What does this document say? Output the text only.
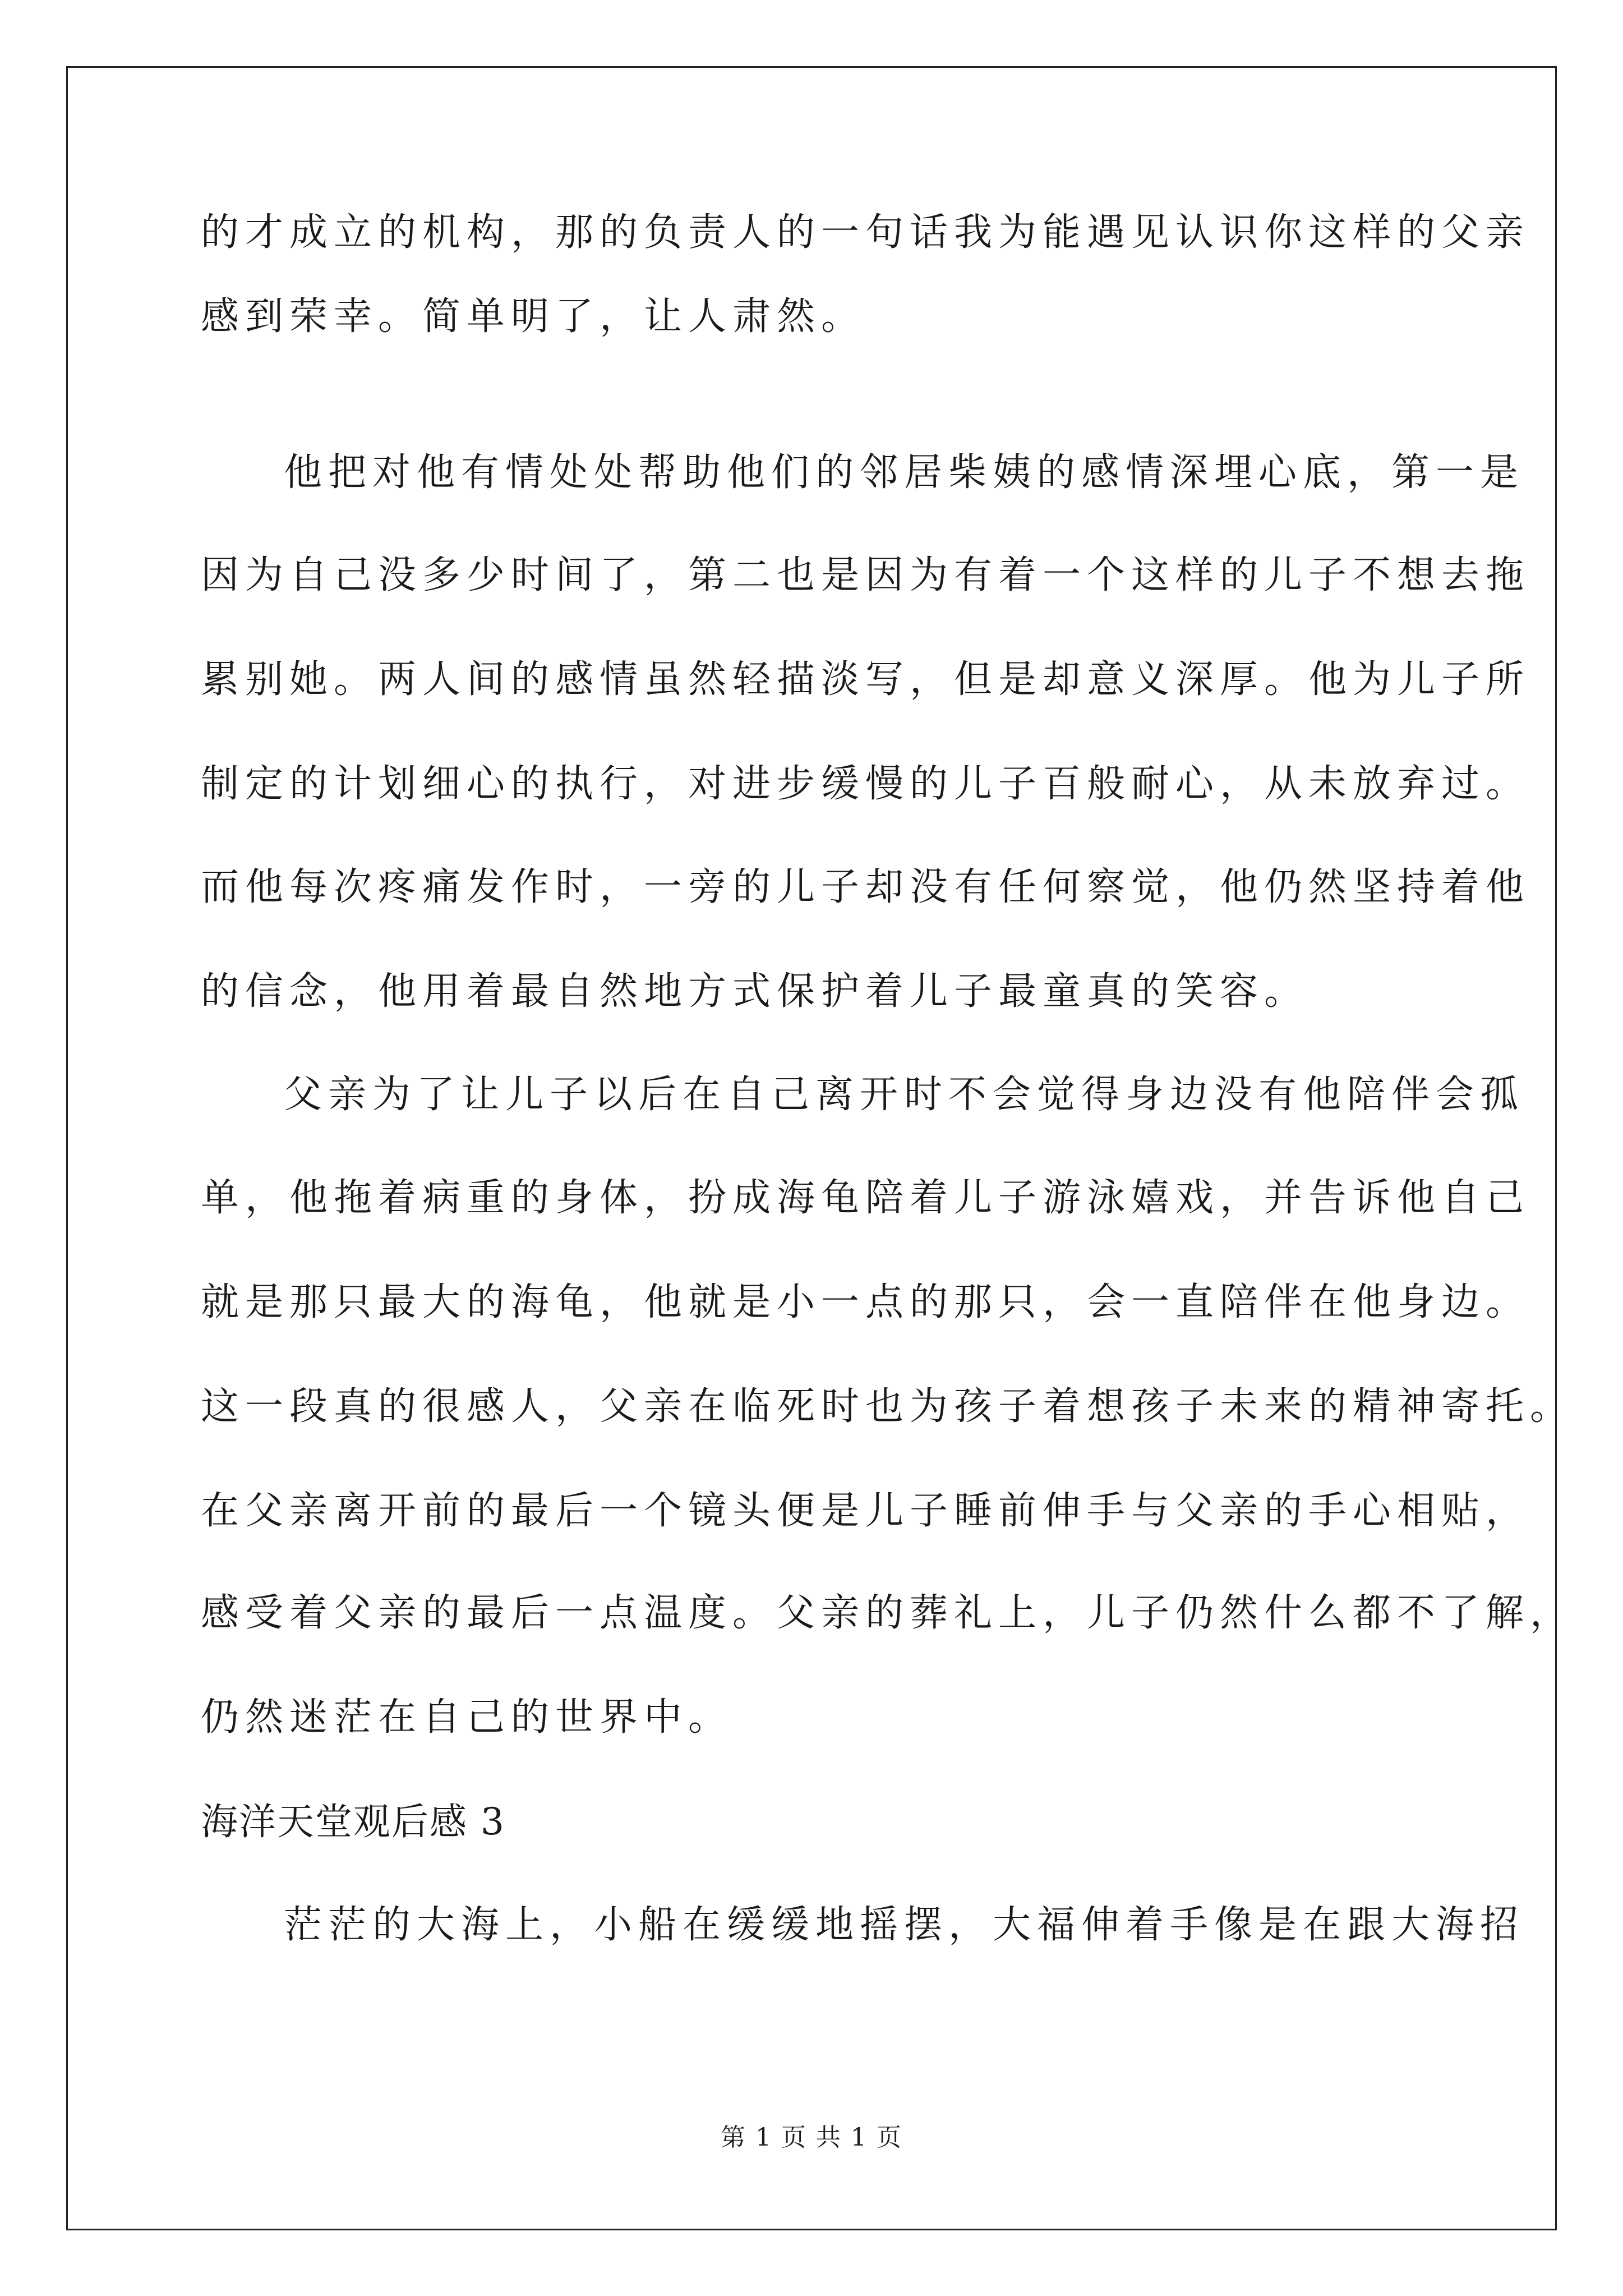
的才成立的机构，那的负责人的一句话我为能遇见认识你这样的父亲
感到荣幸。简单明了，让人肃然。
他把对他有情处处帮助他们的邻居柴姨的感情深埋心底，第一是
因为自己没多少时间了，第二也是因为有着一个这样的儿子不想去拖
累别她。两人间的感情虽然轻描淡写，但是却意义深厚。他为儿子所
制定的计划细心的执行，对进步缓慢的儿子百般耐心，从未放弃过。
而他每次疼痛发作时，一旁的儿子却没有任何察觉，他仍然坚持着他
的信念，他用着最自然地方式保护着儿子最童真的笑容。
父亲为了让儿子以后在自己离开时不会觉得身边没有他陪伴会孤
单，他拖着病重的身体，扮成海龟陪着儿子游泳嬉戏，并告诉他自己
就是那只最大的海龟，他就是小一点的那只，会一直陪伴在他身边。
这一段真的很感人，父亲在临死时也为孩子着想孩子未来的精神寄托。
在父亲离开前的最后一个镜头便是儿子睡前伸手与父亲的手心相贴，
感受着父亲的最后一点温度。父亲的葬礼上，儿子仍然什么都不了解，
仍然迷茫在自己的世界中。
海洋天堂观后感 3
茫茫的大海上，小船在缓缓地摇摆，大福伸着手像是在跟大海招
第 1 页 共 1 页
